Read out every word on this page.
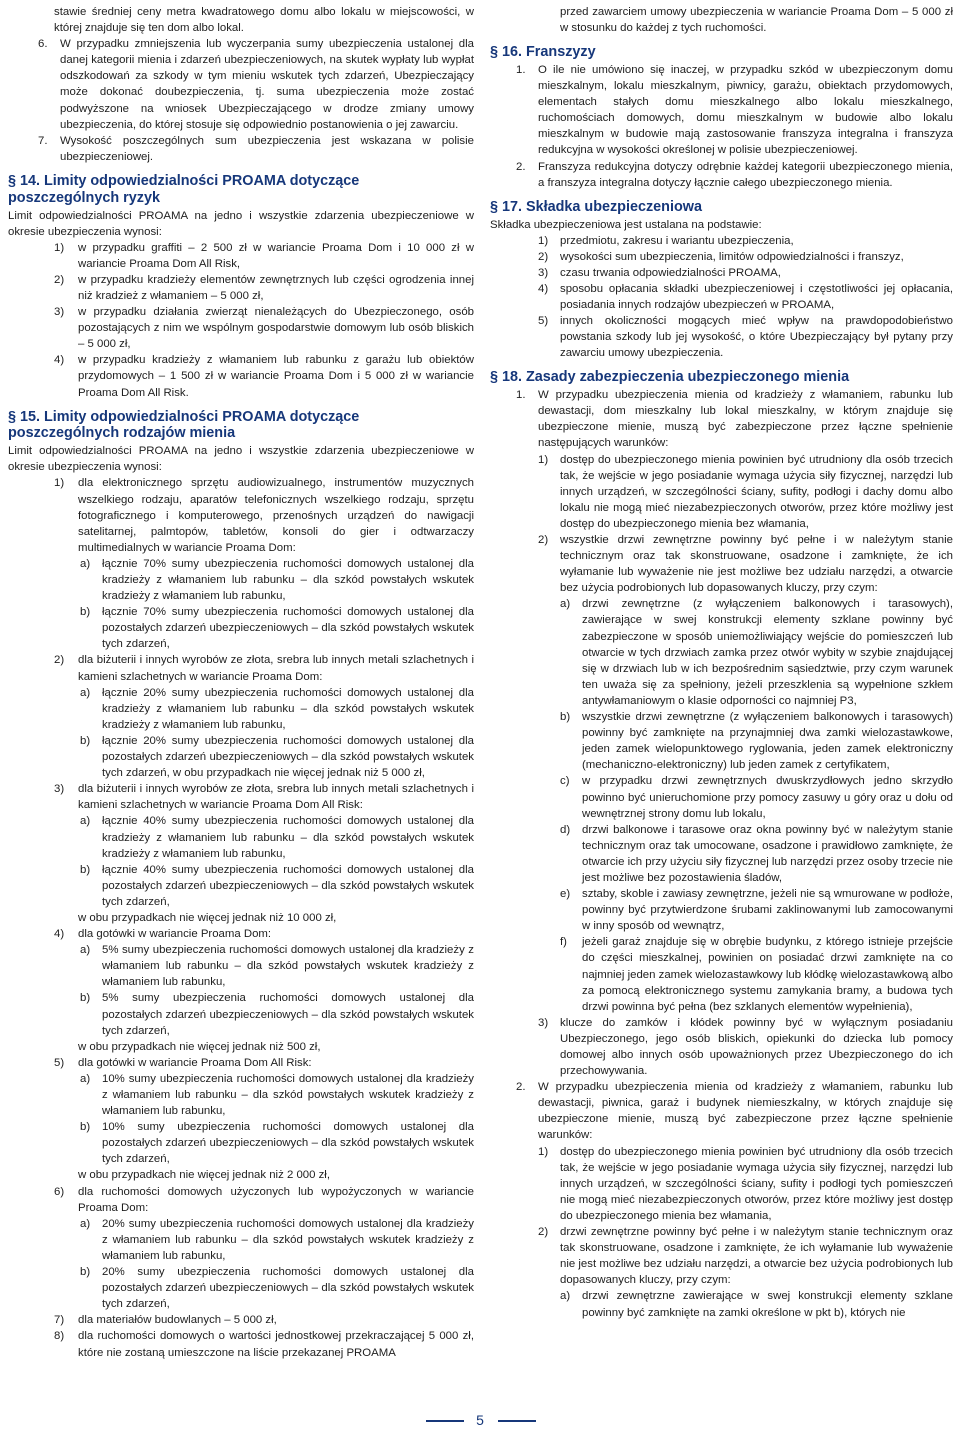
stawie średniej ceny metra kwadratowego domu albo lokalu w miejscowości, w której znajduje się ten dom albo lokal.

6.	W przypadku zmniejszenia lub wyczerpania sumy ubezpieczenia ustalonej dla danej kategorii mienia i zdarzeń ubezpieczeniowych, na skutek wypłaty lub wypłat odszkodowań za szkody w tym mieniu wskutek tych zdarzeń, Ubezpieczający może dokonać doubezpieczenia, tj. suma ubezpieczenia może zostać podwyższone na wniosek Ubezpieczającego w drodze zmiany umowy ubezpieczenia, do której stosuje się odpowiednio postanowienia o jej zawarciu.
7.	Wysokość poszczególnych sum ubezpieczenia jest wskazana w polisie ubezpieczeniowej.
§ 14. Limity odpowiedzialności PROAMA dotyczące poszczególnych ryzyk

Limit odpowiedzialności PROAMA na jedno i wszystkie zdarzenia ubezpieczeniowe w okresie ubezpieczenia wynosi:

1)	w przypadku graffiti – 2 500 zł w wariancie Proama Dom i 10 000 zł w wariancie Proama Dom All Risk,
2)	w przypadku kradzieży elementów zewnętrznych lub części ogrodzenia innej niż kradzież z włamaniem – 5 000 zł,
3)	w przypadku działania zwierząt nienależących do Ubezpieczonego, osób pozostających z nim we wspólnym gospodarstwie domowym lub osób bliskich – 5 000 zł,
4)	w przypadku kradzieży z włamaniem lub rabunku z garażu lub obiektów przydomowych – 1 500 zł w wariancie Proama Dom i 5 000 zł w wariancie Proama Dom All Risk.
§ 15. Limity odpowiedzialności PROAMA dotyczące poszczególnych rodzajów mienia

Limit odpowiedzialności PROAMA na jedno i wszystkie zdarzenia ubezpieczeniowe w okresie ubezpieczenia wynosi:

1)	dla elektronicznego sprzętu audiowizualnego, instrumentów muzycznych wszelkiego rodzaju, aparatów telefonicznych wszelkiego rodzaju, sprzętu fotograficznego i komputerowego, przenośnych urządzeń do nawigacji satelitarnej, palmtopów, tabletów, konsoli do gier i odtwarzaczy multimedialnych w wariancie Proama Dom:
a)	łącznie 70% sumy ubezpieczenia ruchomości domowych ustalonej dla kradzieży z włamaniem lub rabunku – dla szkód powstałych wskutek kradzieży z włamaniem lub rabunku,
b)	łącznie 70% sumy ubezpieczenia ruchomości domowych ustalonej dla pozostałych zdarzeń ubezpieczeniowych – dla szkód powstałych wskutek tych zdarzeń,
2)	dla biżuterii i innych wyrobów ze złota, srebra lub innych metali szlachetnych i kamieni szlachetnych w wariancie Proama Dom:
a)	łącznie 20% sumy ubezpieczenia ruchomości domowych ustalonej dla kradzieży z włamaniem lub rabunku – dla szkód powstałych wskutek kradzieży z włamaniem lub rabunku,
b)	łącznie 20% sumy ubezpieczenia ruchomości domowych ustalonej dla pozostałych zdarzeń ubezpieczeniowych – dla szkód powstałych wskutek tych zdarzeń, w obu przypadkach nie więcej jednak niż 5 000 zł,
3)	dla biżuterii i innych wyrobów ze złota, srebra lub innych metali szlachetnych i kamieni szlachetnych w wariancie Proama Dom All Risk:
a)	łącznie 40% sumy ubezpieczenia ruchomości domowych ustalonej dla kradzieży z włamaniem lub rabunku – dla szkód powstałych wskutek kradzieży z włamaniem lub rabunku,
b)	łącznie 40% sumy ubezpieczenia ruchomości domowych ustalonej dla pozostałych zdarzeń ubezpieczeniowych – dla szkód powstałych wskutek tych zdarzeń,

w obu przypadkach nie więcej jednak niż 10 000 zł,

4)	dla gotówki w wariancie Proama Dom:
a)	5% sumy ubezpieczenia ruchomości domowych ustalonej dla kradzieży z włamaniem lub rabunku – dla szkód powstałych wskutek kradzieży z włamaniem lub rabunku,
b)	5% sumy ubezpieczenia ruchomości domowych ustalonej dla pozostałych zdarzeń ubezpieczeniowych – dla szkód powstałych wskutek tych zdarzeń,

w obu przypadkach nie więcej jednak niż 500 zł,

5)	dla gotówki w wariancie Proama Dom All Risk:
a)	10% sumy ubezpieczenia ruchomości domowych ustalonej dla kradzieży z włamaniem lub rabunku – dla szkód powstałych wskutek kradzieży z włamaniem lub rabunku,
b)	10% sumy ubezpieczenia ruchomości domowych ustalonej dla pozostałych zdarzeń ubezpieczeniowych – dla szkód powstałych wskutek tych zdarzeń,

w obu przypadkach nie więcej jednak niż 2 000 zł,

6)	dla ruchomości domowych użyczonych lub wypożyczonych w wariancie Proama Dom:
a)	20% sumy ubezpieczenia ruchomości domowych ustalonej dla kradzieży z włamaniem lub rabunku – dla szkód powstałych wskutek kradzieży z włamaniem lub rabunku,
b)	20% sumy ubezpieczenia ruchomości domowych ustalonej dla pozostałych zdarzeń ubezpieczeniowych – dla szkód powstałych wskutek tych zdarzeń,
7)	dla materiałów budowlanych – 5 000 zł,
8)	dla ruchomości domowych o wartości jednostkowej przekraczającej 5 000 zł, które nie zostaną umieszczone na liście przekazanej PROAMA

przed zawarciem umowy ubezpieczenia w wariancie Proama Dom – 5 000 zł w stosunku do każdej z tych ruchomości.

§ 16. Franszyzy
1.	O ile nie umówiono się inaczej, w przypadku szkód w ubezpieczonym domu mieszkalnym, lokalu mieszkalnym, piwnicy, garażu, obiektach przydomowych, elementach stałych domu mieszkalnego albo lokalu mieszkalnego, ruchomościach domowych, domu mieszkalnym w budowie albo lokalu mieszkalnym w budowie mają zastosowanie franszyza integralna i franszyza redukcyjna w wysokości określonej w polisie ubezpieczeniowej.
2.	Franszyza redukcyjna dotyczy odrębnie każdej kategorii ubezpieczonego mienia, a franszyza integralna dotyczy łącznie całego ubezpieczonego mienia.
§ 17. Składka ubezpieczeniowa

Składka ubezpieczeniowa jest ustalana na podstawie:

1)	przedmiotu, zakresu i wariantu ubezpieczenia,
2)	wysokości sum ubezpieczenia, limitów odpowiedzialności i franszyz,
3)	czasu trwania odpowiedzialności PROAMA,
4)	sposobu opłacania składki ubezpieczeniowej i częstotliwości jej opłacania, posiadania innych rodzajów ubezpieczeń w PROAMA,
5)	innych okoliczności mogących mieć wpływ na prawdopodobieństwo powstania szkody lub jej wysokość, o które Ubezpieczający był pytany przy zawarciu umowy ubezpieczenia.
§ 18. Zasady zabezpieczenia ubezpieczonego mienia
1.	W przypadku ubezpieczenia mienia od kradzieży z włamaniem, rabunku lub dewastacji, dom mieszkalny lub lokal mieszkalny, w którym znajduje się ubezpieczone mienie, muszą być zabezpieczone przez łączne spełnienie następujących warunków:
1)	dostęp do ubezpieczonego mienia powinien być utrudniony dla osób trzecich tak, że wejście w jego posiadanie wymaga użycia siły fizycznej, narzędzi lub innych urządzeń, w szczególności ściany, sufity, podłogi i dachy domu albo lokalu nie mogą mieć niezabezpieczonych otworów, przez które możliwy jest dostęp do ubezpieczonego mienia bez włamania,
2)	wszystkie drzwi zewnętrzne powinny być pełne i w należytym stanie technicznym oraz tak skonstruowane, osadzone i zamknięte, że ich wyłamanie lub wyważenie nie jest możliwe bez udziału narzędzi, a otwarcie bez użycia podrobionych lub dopasowanych kluczy, przy czym:
a)	drzwi zewnętrzne (z wyłączeniem balkonowych i tarasowych), zawierające w swej konstrukcji elementy szklane powinny być zabezpieczone w sposób uniemożliwiający wejście do pomieszczeń lub otwarcie w tych drzwiach zamka przez otwór wybity w szybie znajdującej się w drzwiach lub w ich bezpośrednim sąsiedztwie, przy czym warunek ten uważa się za spełniony, jeżeli przeszklenia są wypełnione szkłem antywłamaniowym o klasie odporności co najmniej P3,
b)	wszystkie drzwi zewnętrzne (z wyłączeniem balkonowych i tarasowych) powinny być zamknięte na przynajmniej dwa zamki wielozastawkowe, jeden zamek wielopunktowego ryglowania, jeden zamek elektroniczny (mechaniczno-elektroniczny) lub jeden zamek z certyfikatem,
c)	w przypadku drzwi zewnętrznych dwuskrzydłowych jedno skrzydło powinno być unieruchomione przy pomocy zasuwy u góry oraz u dołu od wewnętrznej strony domu lub lokalu,
d)	drzwi balkonowe i tarasowe oraz okna powinny być w należytym stanie technicznym oraz tak umocowane, osadzone i prawidłowo zamknięte, że otwarcie ich przy użyciu siły fizycznej lub narzędzi przez osoby trzecie nie jest możliwe bez pozostawienia śladów,
e)	sztaby, skoble i zawiasy zewnętrzne, jeżeli nie są wmurowane w podłoże, powinny być przytwierdzone śrubami zaklinowanymi lub zamocowanymi w inny sposób od wewnątrz,
f)	jeżeli garaż znajduje się w obrębie budynku, z którego istnieje przejście do części mieszkalnej, powinien on posiadać drzwi zamknięte na co najmniej jeden zamek wielozastawkowy lub kłódkę wielozastawkową albo za pomocą elektronicznego systemu zamykania bramy, a budowa tych drzwi powinna być pełna (bez szklanych elementów wypełnienia),
3)	klucze do zamków i kłódek powinny być w wyłącznym posiadaniu Ubezpieczonego, jego osób bliskich, opiekunki do dziecka lub pomocy domowej albo innych osób upoważnionych przez Ubezpieczonego do ich przechowywania.
2.	W przypadku ubezpieczenia mienia od kradzieży z włamaniem, rabunku lub dewastacji, piwnica, garaż i budynek niemieszkalny, w których znajduje się ubezpieczone mienie, muszą być zabezpieczone przez łączne spełnienie warunków:
1)	dostęp do ubezpieczonego mienia powinien być utrudniony dla osób trzecich tak, że wejście w jego posiadanie wymaga użycia siły fizycznej, narzędzi lub innych urządzeń, w szczególności ściany, sufity i podłogi tych pomieszczeń nie mogą mieć niezabezpieczonych otworów, przez które możliwy jest dostęp do ubezpieczonego mienia bez włamania,
2)	drzwi zewnętrzne powinny być pełne i w należytym stanie technicznym oraz tak skonstruowane, osadzone i zamknięte, że ich wyłamanie lub wyważenie nie jest możliwe bez udziału narzędzi, a otwarcie bez użycia podrobionych lub dopasowanych kluczy, przy czym:
a)	drzwi zewnętrzne zawierające w swej konstrukcji elementy szklane powinny być zamknięte na zamki określone w pkt b), których nie
5
